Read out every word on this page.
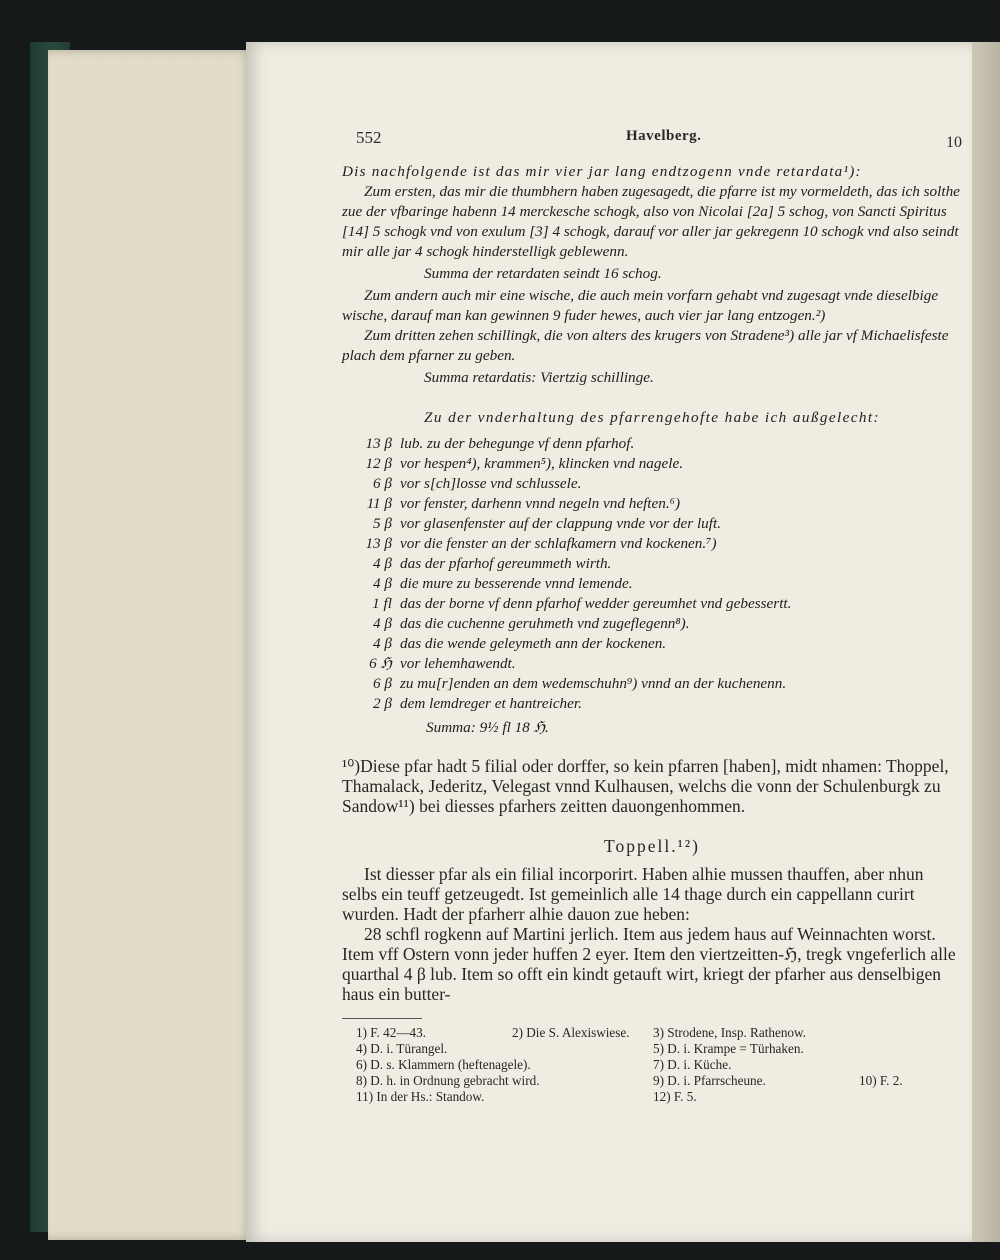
552	Havelberg.	10

Dis nachfolgende ist das mir vier jar lang endtzogenn vnde retardata¹):

Zum ersten, das mir die thumbhern haben zugesagedt, die pfarre ist my vormeldeth, das ich solthe zue der vfbaringe habenn 14 merckesche schogk, also von Nicolai [2a] 5 schog, von Sancti Spiritus [14] 5 schogk vnd von exulum [3] 4 schogk, darauf vor aller jar gekregenn 10 schogk vnd also seindt mir alle jar 4 schogk hinderstelligk geblewenn.

Summa der retardaten seindt 16 schog.

Zum andern auch mir eine wische, die auch mein vorfarn gehabt vnd zugesagt vnde dieselbige wische, darauf man kan gewinnen 9 fuder hewes, auch vier jar lang entzogen.²)

Zum dritten zehen schillingk, die von alters des krugers von Stradene³) alle jar vf Michaelisfeste plach dem pfarner zu geben.

Summa retardatis: Viertzig schillinge.

Zu der vnderhaltung des pfarrengehofte habe ich außgelecht:

13 β lub. zu der behegunge vf denn pfarhof.
12 β vor hespen⁴), krammen⁵), klincken vnd nagele.
6 β vor s[ch]losse vnd schlussele.
11 β vor fenster, darhenn vnnd negeln vnd heften.⁶)
5 β vor glasenfenster auf der clappung vnde vor der luft.
13 β vor die fenster an der schlafkamern vnd kockenen.⁷)
4 β das der pfarhof gereummeth wirth.
4 β die mure zu besserende vnnd lemende.
1 fl das der borne vf denn pfarhof wedder gereumhet vnd gebessertt.
4 β das die cuchenne geruhmeth vnd zugeflegenn⁸).
4 β das die wende geleymeth ann der kockenen.
6 ℌ vor lehemhawendt.
6 β zu mu[r]enden an dem wedemschuhn⁹) vnnd an der kuchenenn.
2 β dem lemdreger et hantreicher.

Summa: 9½ fl 18 ℌ.

¹⁰)Diese pfar hadt 5 filial oder dorffer, so kein pfarren [haben], midt nhamen: Thoppel, Thamalack, Jederitz, Velegast vnnd Kulhausen, welchs die vonn der Schulenburgk zu Sandow¹¹) bei diesses pfarhers zeitten dauongenhommen.

Toppell.¹²)

Ist diesser pfar als ein filial incorporirt. Haben alhie mussen thauffen, aber nhun selbs ein teuff getzeugedt. Ist gemeinlich alle 14 thage durch ein cappellann curirt wurden. Hadt der pfarherr alhie dauon zue heben:

28 schfl rogkenn auf Martini jerlich. Item aus jedem haus auf Weinnachten worst. Item vff Ostern vonn jeder huffen 2 eyer. Item den viertzeitten-ℌ, tregk vngeferlich alle quarthal 4 β lub. Item so offt ein kindt getauft wirt, kriegt der pfarher aus denselbigen haus ein butter-

1) F. 42—43.	2) Die S. Alexiswiese.	3) Strodene, Insp. Rathenow.
4) D. i. Türangel.	5) D. i. Krampe = Türhaken.
6) D. s. Klammern (heftenagele).	7) D. i. Küche.
8) D. h. in Ordnung gebracht wird.	9) D. i. Pfarrscheune.	10) F. 2.
11) In der Hs.: Standow.	12) F. 5.
